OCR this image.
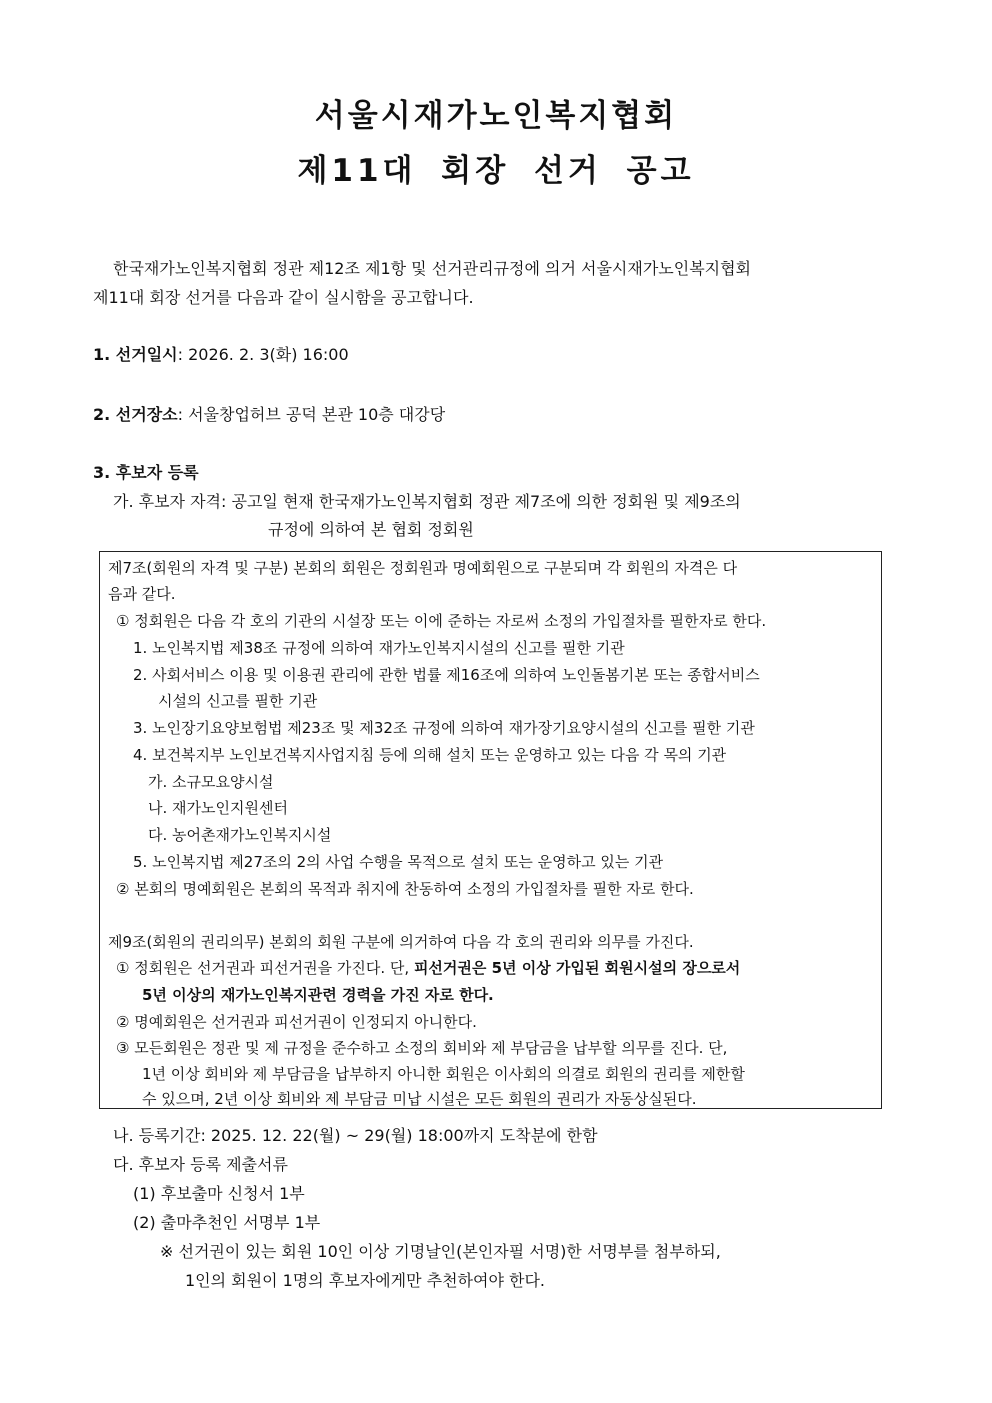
서울시재가노인복지협회
제11대 회장 선거 공고
한국재가노인복지협회 정관 제12조 제1항 및 선거관리규정에 의거 서울시재가노인복지협회
제11대 회장 선거를 다음과 같이 실시함을 공고합니다.
1. 선거일시: 2026. 2. 3(화) 16:00
2. 선거장소: 서울창업허브 공덕 본관 10층 대강당
3. 후보자 등록
가. 후보자 자격: 공고일 현재 한국재가노인복지협회 정관 제7조에 의한 정회원 및 제9조의
규정에 의하여 본 협회 정회원
제7조(회원의 자격 및 구분) 본회의 회원은 정회원과 명예회원으로 구분되며 각 회원의 자격은 다
음과 같다.
① 정회원은 다음 각 호의 기관의 시설장 또는 이에 준하는 자로써 소정의 가입절차를 필한자로 한다.
1. 노인복지법 제38조 규정에 의하여 재가노인복지시설의 신고를 필한 기관
2. 사회서비스 이용 및 이용권 관리에 관한 법률 제16조에 의하여 노인돌봄기본 또는 종합서비스
시설의 신고를 필한 기관
3. 노인장기요양보험법 제23조 및 제32조 규정에 의하여 재가장기요양시설의 신고를 필한 기관
4. 보건복지부 노인보건복지사업지침 등에 의해 설치 또는 운영하고 있는 다음 각 목의 기관
가. 소규모요양시설
나. 재가노인지원센터
다. 농어촌재가노인복지시설
5. 노인복지법 제27조의 2의 사업 수행을 목적으로 설치 또는 운영하고 있는 기관
② 본회의 명예회원은 본회의 목적과 취지에 찬동하여 소정의 가입절차를 필한 자로 한다.
제9조(회원의 권리의무) 본회의 회원 구분에 의거하여 다음 각 호의 권리와 의무를 가진다.
① 정회원은 선거권과 피선거권을 가진다. 단, 피선거권은 5년 이상 가입된 회원시설의 장으로서
5년 이상의 재가노인복지관련 경력을 가진 자로 한다.
② 명예회원은 선거권과 피선거권이 인정되지 아니한다.
③ 모든회원은 정관 및 제 규정을 준수하고 소정의 회비와 제 부담금을 납부할 의무를 진다. 단,
1년 이상 회비와 제 부담금을 납부하지 아니한 회원은 이사회의 의결로 회원의 권리를 제한할
수 있으며, 2년 이상 회비와 제 부담금 미납 시설은 모든 회원의 권리가 자동상실된다.
나. 등록기간: 2025. 12. 22(월) ~ 29(월) 18:00까지 도착분에 한함
다. 후보자 등록 제출서류
(1) 후보출마 신청서 1부
(2) 출마추천인 서명부 1부
※ 선거권이 있는 회원 10인 이상 기명날인(본인자필 서명)한 서명부를 첨부하되,
1인의 회원이 1명의 후보자에게만 추천하여야 한다.
